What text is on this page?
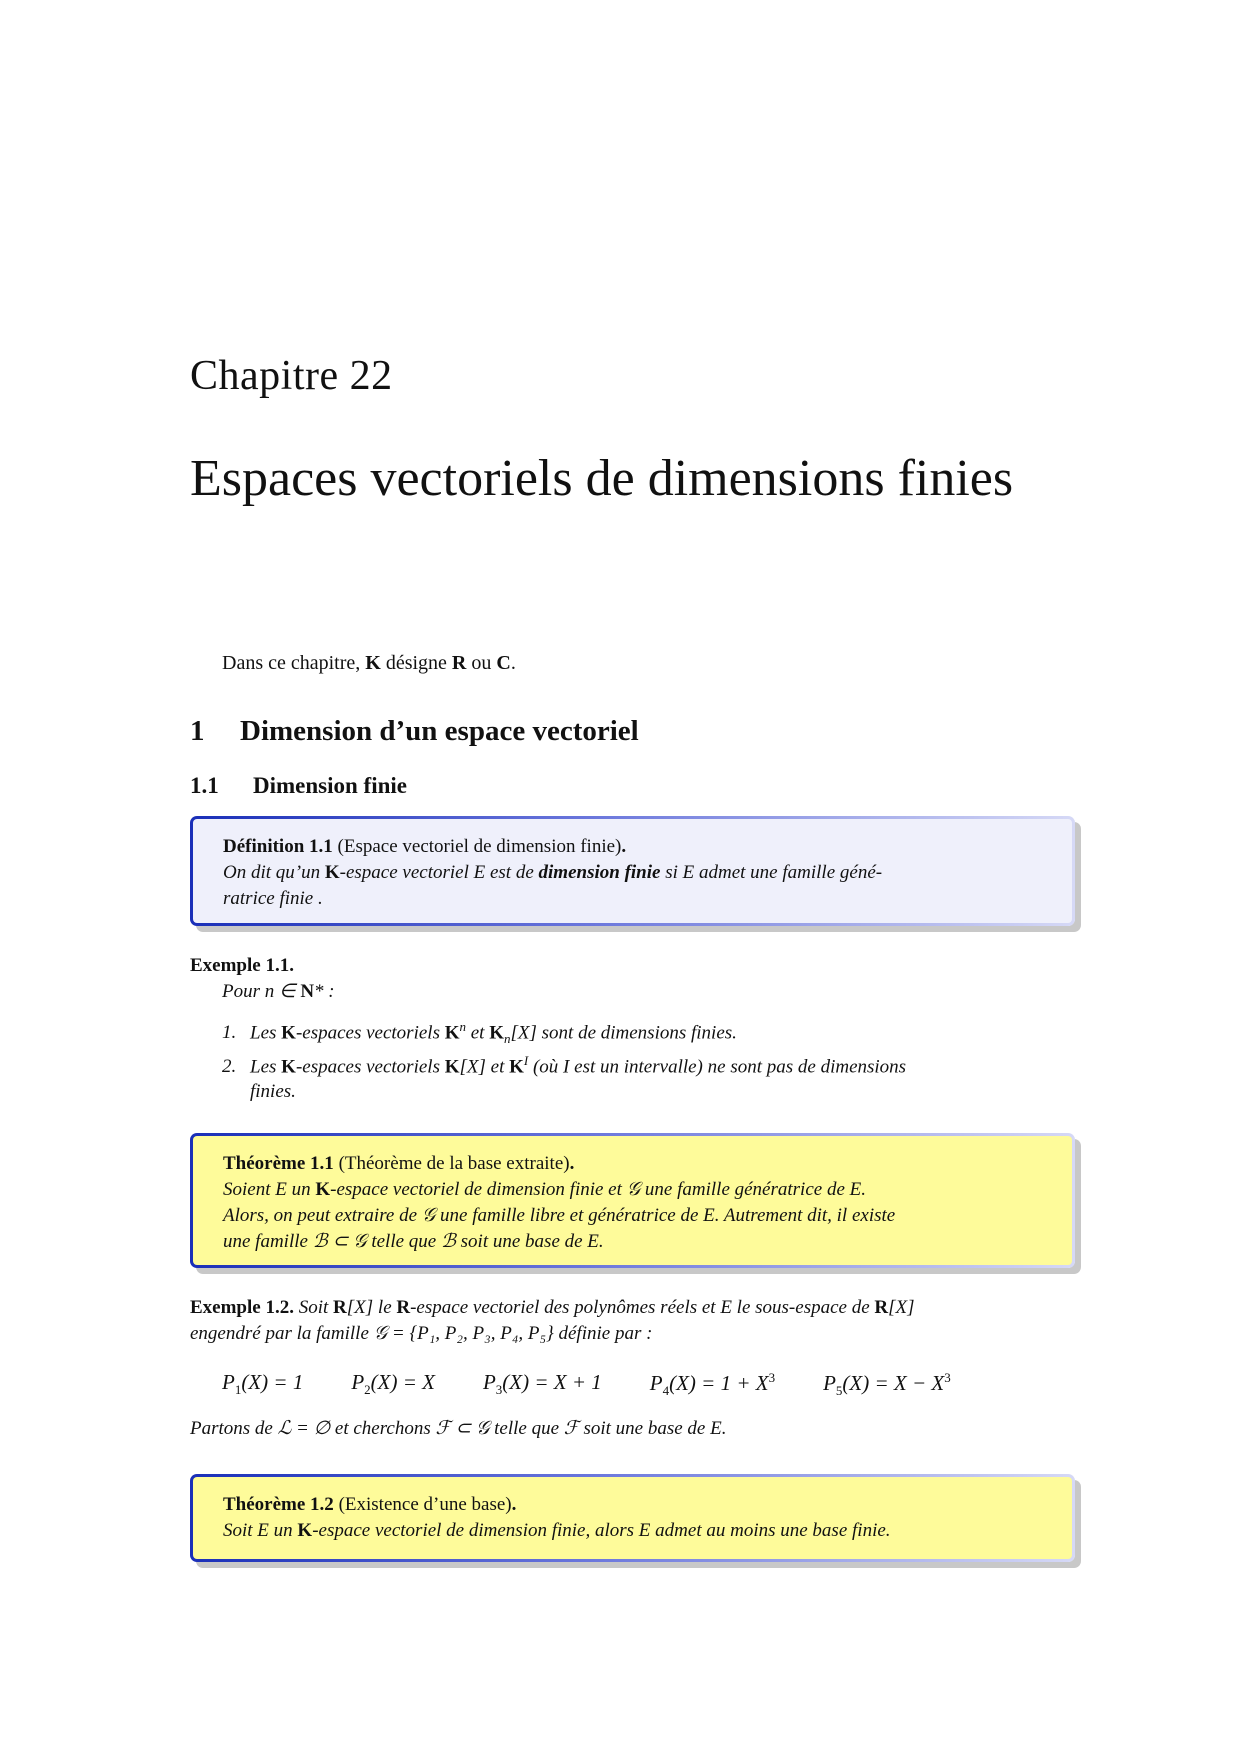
Chapitre 22
Espaces vectoriels de dimensions finies
Dans ce chapitre, K désigne R ou C.
1 Dimension d’un espace vectoriel
1.1 Dimension finie
Définition 1.1 (Espace vectoriel de dimension finie).
On dit qu’un K-espace vectoriel E est de dimension finie si E admet une famille géné-
ratrice finie .
Exemple 1.1.
Pour n ∈ N* :
1. Les K-espaces vectoriels $K^n$ et $K_n[X]$ sont de dimensions finies.
2. Les K-espaces vectoriels K[X] et $K^I$ (où I est un intervalle) ne sont pas de dimensions
finies.
Théorème 1.1 (Théorème de la base extraite).
Soient E un K-espace vectoriel de dimension finie et 𝒢 une famille génératrice de E.
Alors, on peut extraire de 𝒢 une famille libre et génératrice de E. Autrement dit, il existe
une famille ℬ ⊂ 𝒢 telle que ℬ soit une base de E.
Exemple 1.2. Soit R[X] le R-espace vectoriel des polynômes réels et E le sous-espace de R[X]
engendré par la famille 𝒢 = {P₁, P₂, P₃, P₄, P₅} définie par :
$P_1(X) = 1$ $P_2(X) = X$ $P_3(X) = X + 1$ $P_4(X) = 1 + X^3$ $P_5(X) = X - X^3$
Partons de ℒ = ∅ et cherchons ℱ ⊂ 𝒢 telle que ℱ soit une base de E.
Théorème 1.2 (Existence d’une base).
Soit E un K-espace vectoriel de dimension finie, alors E admet au moins une base finie.
